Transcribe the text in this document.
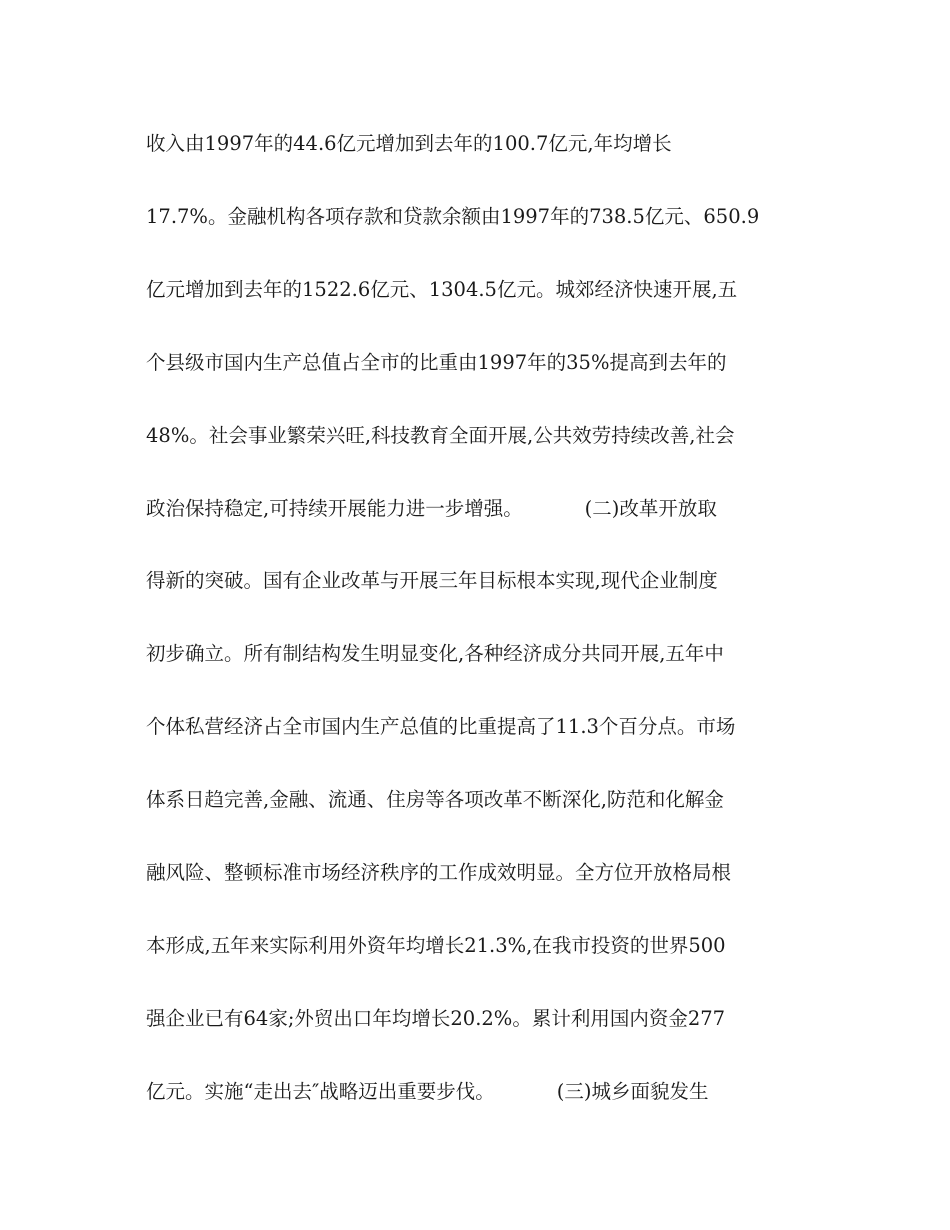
收入由1997年的44.6亿元增加到去年的100.7亿元,年均增长
17.7%。金融机构各项存款和贷款余额由1997年的738.5亿元、650.9
亿元增加到去年的1522.6亿元、1304.5亿元。城郊经济快速开展,五
个县级市国内生产总值占全市的比重由1997年的35%提高到去年的
48%。社会事业繁荣兴旺,科技教育全面开展,公共效劳持续改善,社会
政治保持稳定,可持续开展能力进一步增强。          (二)改革开放取
得新的突破。国有企业改革与开展三年目标根本实现,现代企业制度
初步确立。所有制结构发生明显变化,各种经济成分共同开展,五年中
个体私营经济占全市国内生产总值的比重提高了11.3个百分点。市场
体系日趋完善,金融、流通、住房等各项改革不断深化,防范和化解金
融风险、整顿标准市场经济秩序的工作成效明显。全方位开放格局根
本形成,五年来实际利用外资年均增长21.3%,在我市投资的世界500
强企业已有64家;外贸出口年均增长20.2%。累计利用国内资金277
亿元。实施“走出去″战略迈出重要步伐。          (三)城乡面貌发生
